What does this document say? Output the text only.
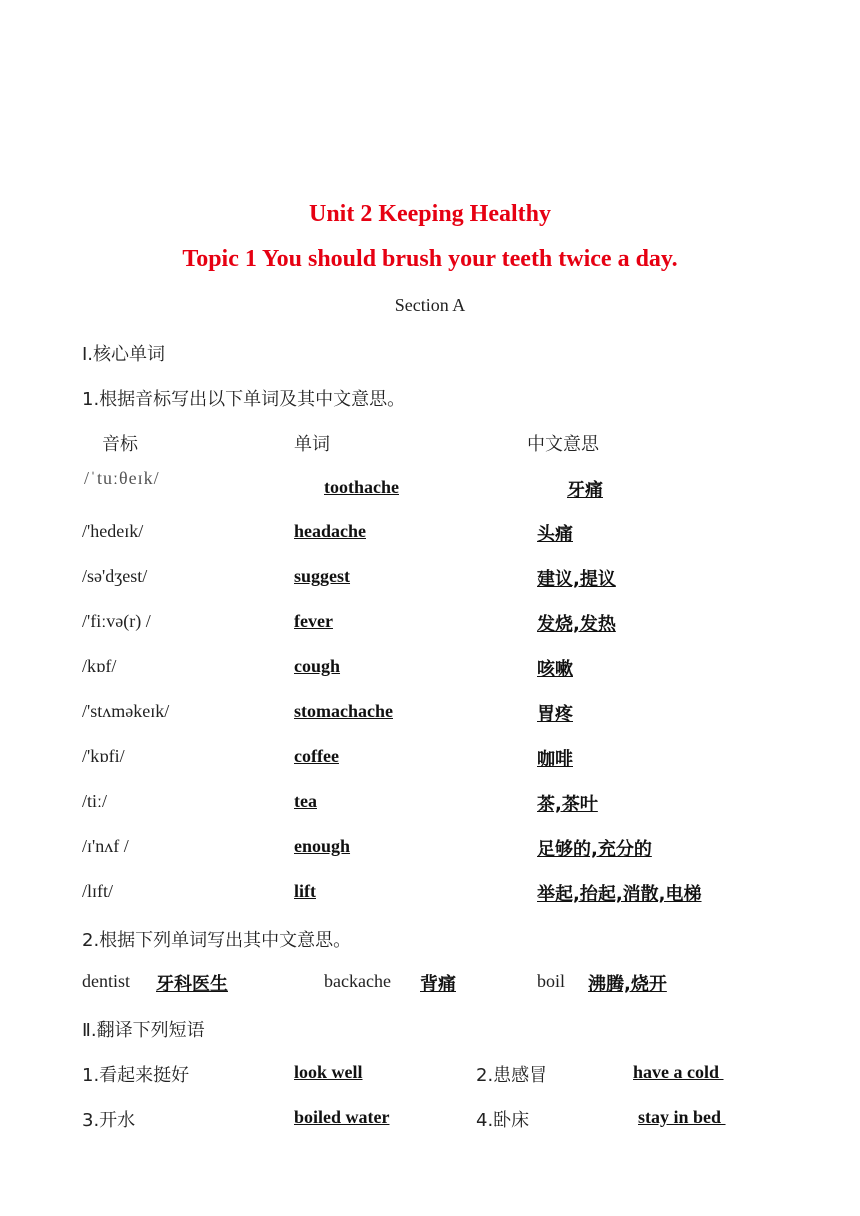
Unit 2 Keeping Healthy
Topic 1 You should brush your teeth twice a day.
Section A
Ⅰ.核心单词
1.根据音标写出以下单词及其中文意思。
音标	单词	中文意思
/ˈtuːθeɪk/	toothache	牙痛
/'hedeɪk/	headache	头痛
/sə'dʒest/	suggest	建议,提议
/'fiːvə(r) /	fever	发烧,发热
/kɒf/	cough	咳嗽
/'stʌməkeɪk/	stomachache	胃疼
/'kɒfi/	coffee	咖啡
/tiː/	tea	茶,茶叶
/ɪ'nʌf /	enough	足够的,充分的
/lɪft/	lift	举起,抬起,消散,电梯
2.根据下列单词写出其中文意思。
dentist 牙科医生	backache 背痛	boil 沸腾,烧开
Ⅱ.翻译下列短语
1.看起来挺好	look well	2.患感冒	have a cold
3.开水	boiled water	4.卧床	stay in bed
